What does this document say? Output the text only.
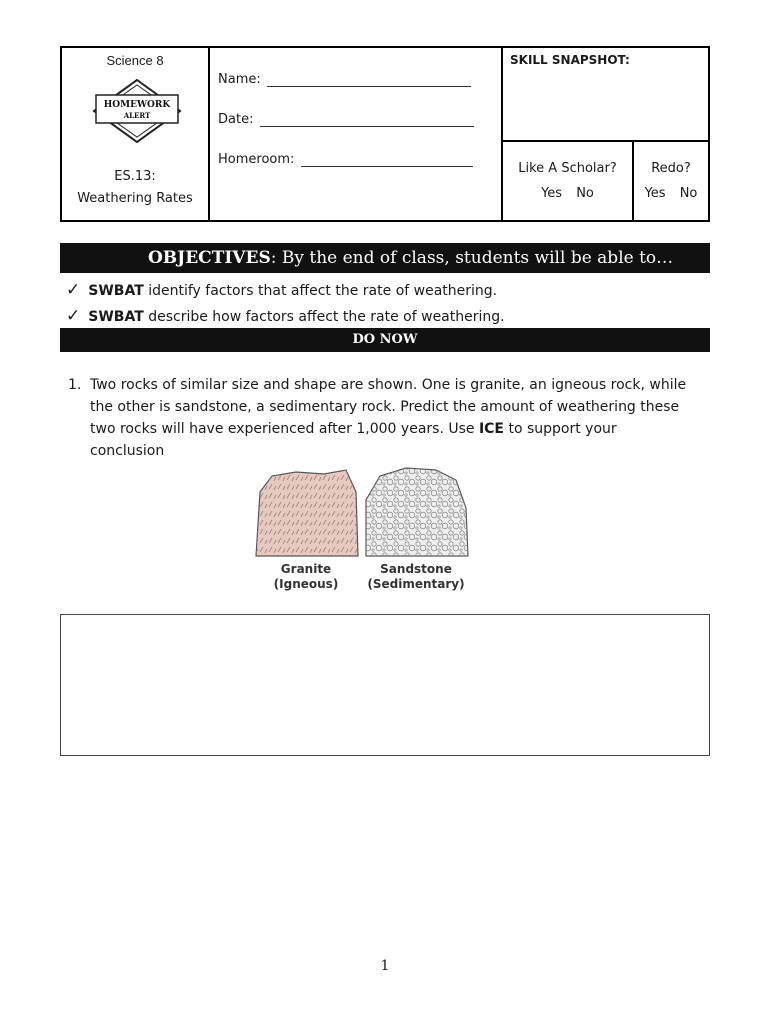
Science 8
HOMEWORK
ALERT
ES.13:
Weathering Rates
Name:
Date:
Homeroom:
SKILL SNAPSHOT:
Like A Scholar?
Yes No
Redo?
Yes No
OBJECTIVES: By the end of class, students will be able to…
✓ SWBAT identify factors that affect the rate of weathering.
✓ SWBAT describe how factors affect the rate of weathering.
DO NOW
1. Two rocks of similar size and shape are shown. One is granite, an igneous rock, while the other is sandstone, a sedimentary rock. Predict the amount of weathering these two rocks will have experienced after 1,000 years. Use ICE to support your conclusion
Granite
(Igneous)
Sandstone
(Sedimentary)
1
